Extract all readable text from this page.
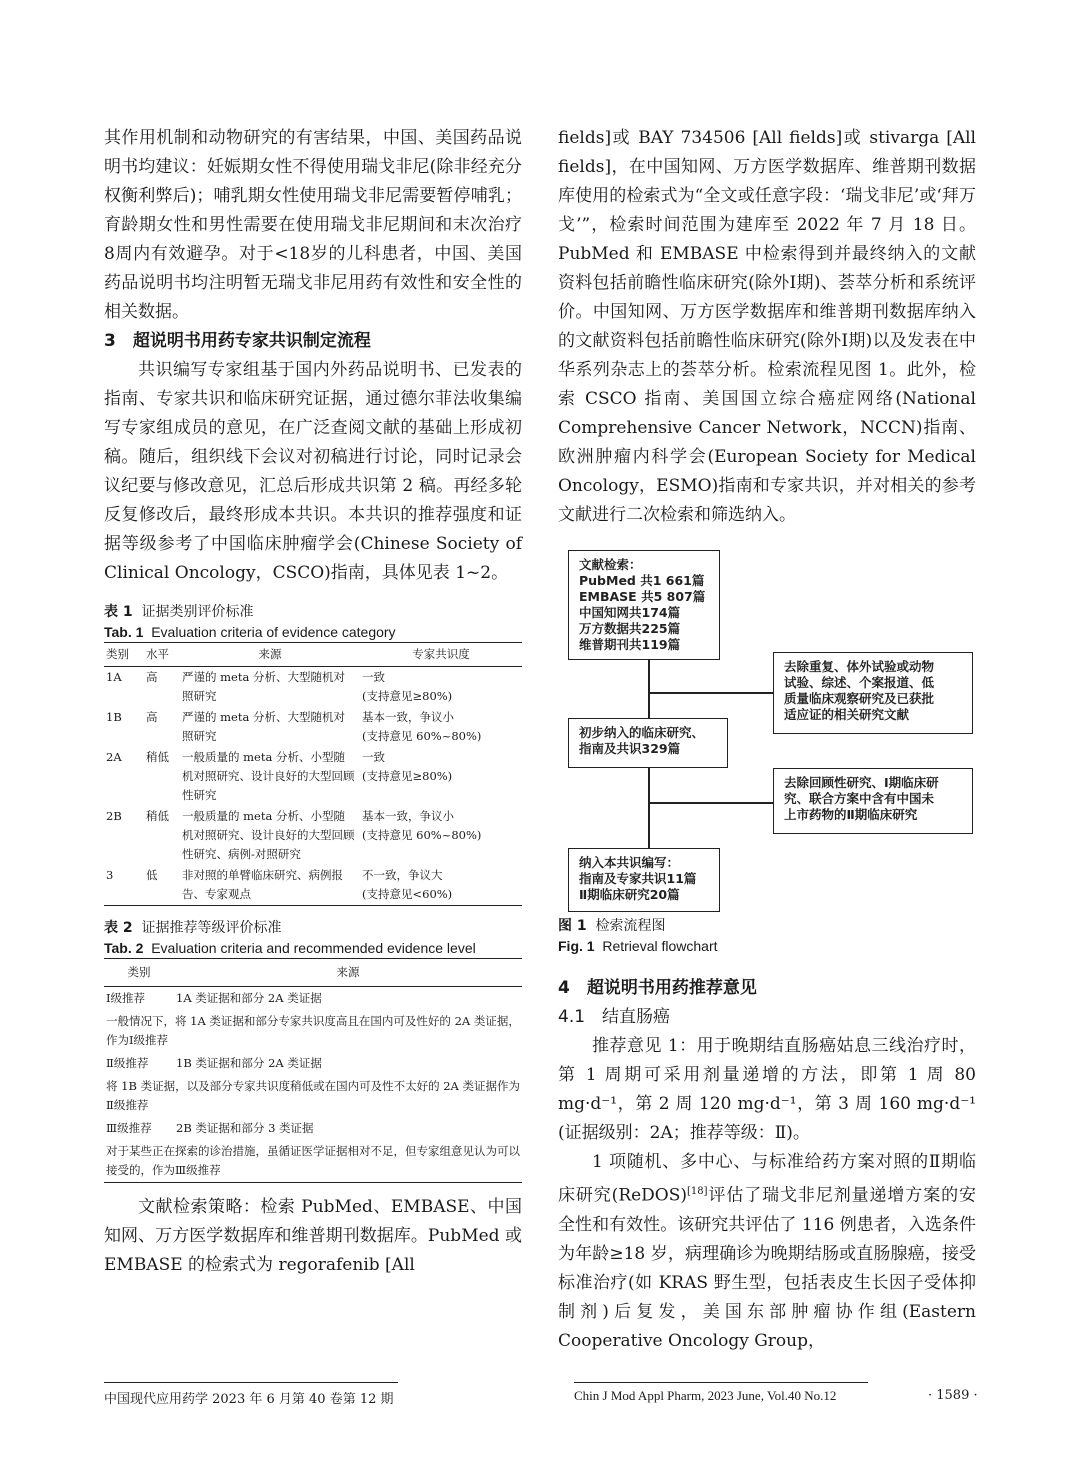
其作用机制和动物研究的有害结果，中国、美国药品说明书均建议：妊娠期女性不得使用瑞戈非尼(除非经充分权衡利弊后)；哺乳期女性使用瑞戈非尼需要暂停哺乳；育龄期女性和男性需要在使用瑞戈非尼期间和末次治疗8周内有效避孕。对于<18岁的儿科患者，中国、美国药品说明书均注明暂无瑞戈非尼用药有效性和安全性的相关数据。

3　超说明书用药专家共识制定流程

共识编写专家组基于国内外药品说明书、已发表的指南、专家共识和临床研究证据，通过德尔菲法收集编写专家组成员的意见，在广泛查阅文献的基础上形成初稿。随后，组织线下会议对初稿进行讨论，同时记录会议纪要与修改意见，汇总后形成共识第 2 稿。再经多轮反复修改后，最终形成本共识。本共识的推荐强度和证据等级参考了中国临床肿瘤学会(Chinese Society of Clinical Oncology，CSCO)指南，具体见表 1~2。

表 1 证据类别评价标准
Tab. 1 Evaluation criteria of evidence category
类别	水平	来源	专家共识度
1A	高	严谨的 meta 分析、大型随机对照研究	一致
(支持意见≥80%)
1B	高	严谨的 meta 分析、大型随机对照研究	基本一致，争议小
(支持意见 60%~80%)
2A	稍低	一般质量的 meta 分析、小型随机对照研究、设计良好的大型回顾性研究	一致
(支持意见≥80%)
2B	稍低	一般质量的 meta 分析、小型随机对照研究、设计良好的大型回顾性研究、病例-对照研究	基本一致，争议小
(支持意见 60%~80%)
3	低	非对照的单臂临床研究、病例报告、专家观点	不一致，争议大
(支持意见<60%)
表 2 证据推荐等级评价标准
Tab. 2 Evaluation criteria and recommended evidence level
类别	来源
Ⅰ级推荐	1A 类证据和部分 2A 类证据
一般情况下，将 1A 类证据和部分专家共识度高且在国内可及性好的 2A 类证据，作为Ⅰ级推荐	
Ⅱ级推荐	1B 类证据和部分 2A 类证据
将 1B 类证据，以及部分专家共识度稍低或在国内可及性不太好的 2A 类证据作为Ⅱ级推荐	
Ⅲ级推荐	2B 类证据和部分 3 类证据
对于某些正在探索的诊治措施，虽循证医学证据相对不足，但专家组意见认为可以接受的，作为Ⅲ级推荐	

文献检索策略：检索 PubMed、EMBASE、中国知网、万方医学数据库和维普期刊数据库。PubMed 或 EMBASE 的检索式为 regorafenib [All

fields]或 BAY 734506 [All fields]或 stivarga [All fields]，在中国知网、万方医学数据库、维普期刊数据库使用的检索式为“全文或任意字段：‘瑞戈非尼’或‘拜万戈’”，检索时间范围为建库至 2022 年 7 月 18 日。PubMed 和 EMBASE 中检索得到并最终纳入的文献资料包括前瞻性临床研究(除外Ⅰ期)、荟萃分析和系统评价。中国知网、万方医学数据库和维普期刊数据库纳入的文献资料包括前瞻性临床研究(除外Ⅰ期)以及发表在中华系列杂志上的荟萃分析。检索流程见图 1。此外，检索 CSCO 指南、美国国立综合癌症网络(National Comprehensive Cancer Network，NCCN)指南、欧洲肿瘤内科学会(European Society for Medical Oncology，ESMO)指南和专家共识，并对相关的参考文献进行二次检索和筛选纳入。

文献检索：
PubMed 共1 661篇
EMBASE 共5 807篇
中国知网共174篇
万方数据共225篇
维普期刊共119篇
去除重复、体外试验或动物
试验、综述、个案报道、低
质量临床观察研究及已获批
适应证的相关研究文献
初步纳入的临床研究、
指南及共识329篇
去除回顾性研究、Ⅰ期临床研
究、联合方案中含有中国未
上市药物的Ⅱ期临床研究
纳入本共识编写：
指南及专家共识11篇
Ⅱ期临床研究20篇
图 1 检索流程图
Fig. 1 Retrieval flowchart
4　超说明书用药推荐意见
4.1　结直肠癌

推荐意见 1：用于晚期结直肠癌姑息三线治疗时，第 1 周期可采用剂量递增的方法，即第 1 周 80 mg·d⁻¹，第 2 周 120 mg·d⁻¹，第 3 周 160 mg·d⁻¹ (证据级别：2A；推荐等级：Ⅱ)。

1 项随机、多中心、与标准给药方案对照的Ⅱ期临床研究(ReDOS)[18]评估了瑞戈非尼剂量递增方案的安全性和有效性。该研究共评估了 116 例患者，入选条件为年龄≥18 岁，病理确诊为晚期结肠或直肠腺癌，接受标准治疗(如 KRAS 野生型，包括表皮生长因子受体抑制剂)后复发，美国东部肿瘤协作组(Eastern Cooperative Oncology Group，

中国现代应用药学 2023 年 6 月第 40 卷第 12 期	Chin J Mod Appl Pharm, 2023 June, Vol.40 No.12	· 1589 ·
